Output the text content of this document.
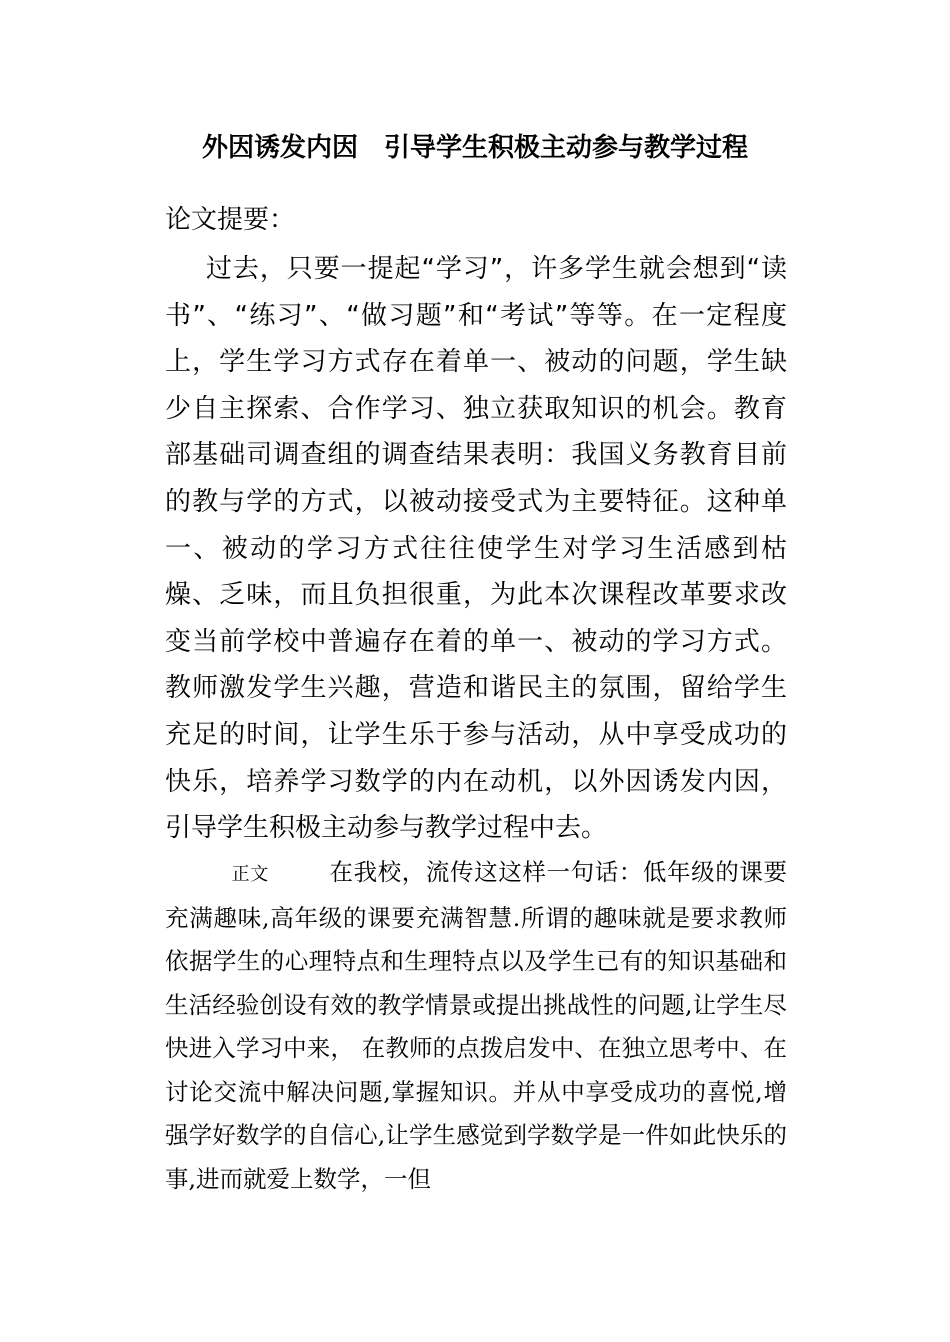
外因诱发内因　引导学生积极主动参与教学过程
论文提要：

过去，只要一提起“学习”，许多学生就会想到“读书”、“练习”、“做习题”和“考试”等等。在一定程度上，学生学习方式存在着单一、被动的问题，学生缺少自主探索、合作学习、独立获取知识的机会。教育部基础司调查组的调查结果表明：我国义务教育目前的教与学的方式，以被动接受式为主要特征。这种单一、被动的学习方式往往使学生对学习生活感到枯燥、乏味，而且负担很重，为此本次课程改革要求改变当前学校中普遍存在着的单一、被动的学习方式。教师激发学生兴趣，营造和谐民主的氛围，留给学生充足的时间，让学生乐于参与活动，从中享受成功的快乐，培养学习数学的内在动机，以外因诱发内因，引导学生积极主动参与教学过程中去。

正文	在我校，流传这这样一句话：低年级的课要充满趣味,高年级的课要充满智慧.所谓的趣味就是要求教师依据学生的心理特点和生理特点以及学生已有的知识基础和生活经验创设有效的教学情景或提出挑战性的问题,让学生尽快进入学习中来， 在教师的点拨启发中、在独立思考中、在讨论交流中解决问题,掌握知识。并从中享受成功的喜悦,增强学好数学的自信心,让学生感觉到学数学是一件如此快乐的事,进而就爱上数学，一但
